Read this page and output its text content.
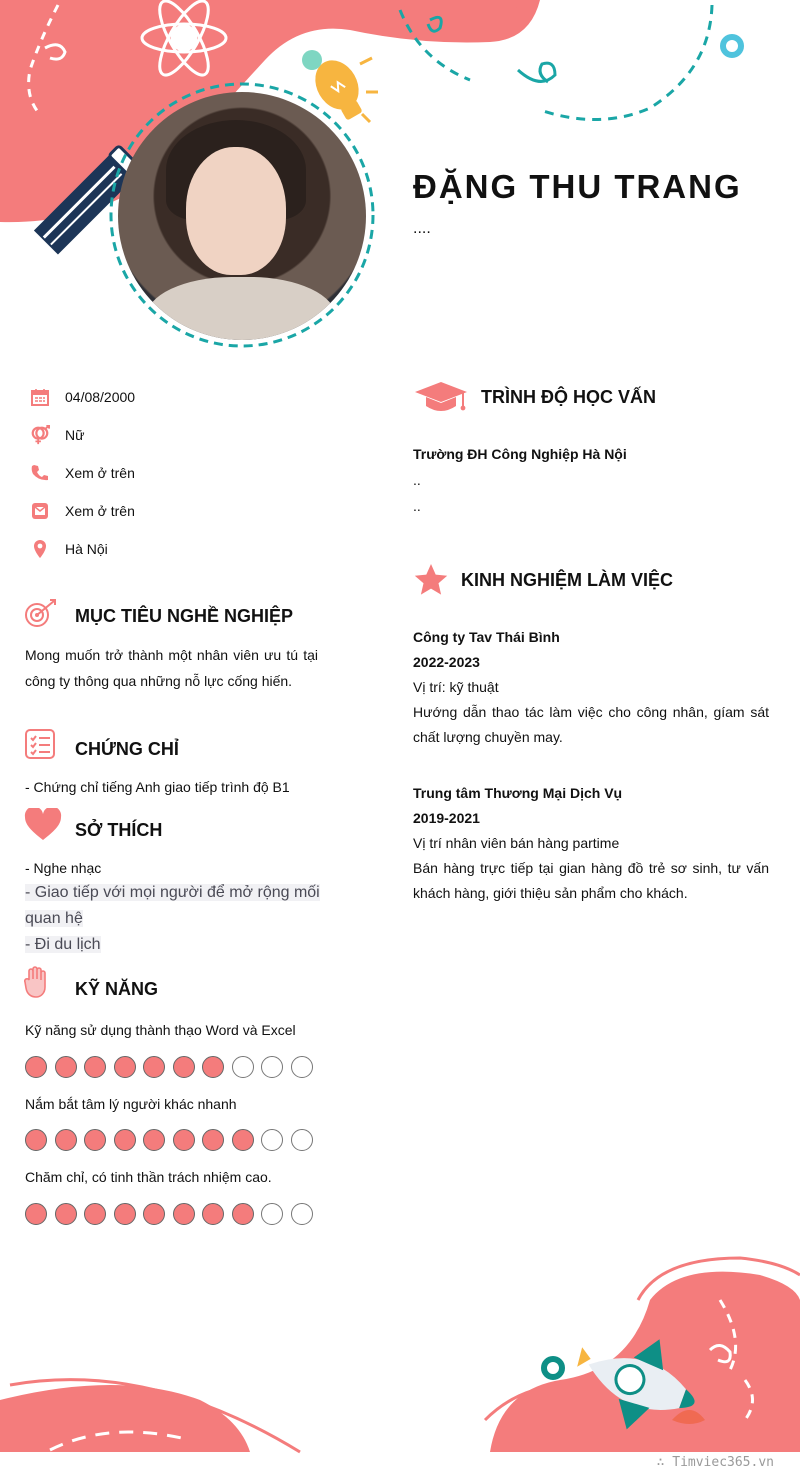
ĐẶNG THU TRANG
....
04/08/2000
Nữ
Xem ở trên
Xem ở trên
Hà Nội
MỤC TIÊU NGHỀ NGHIỆP
Mong muốn trở thành một nhân viên ưu tú tại công ty thông qua những nỗ lực cống hiến.
CHỨNG CHỈ
- Chứng chỉ tiếng Anh giao tiếp trình độ B1
SỞ THÍCH
- Nghe nhạc
- Giao tiếp với mọi người để mở rộng mối
quan hệ
- Đi du lịch
KỸ NĂNG
Kỹ năng sử dụng thành thạo Word và Excel
Nắm bắt tâm lý người khác nhanh
Chăm chỉ, có tinh thần trách nhiệm cao.
TRÌNH ĐỘ HỌC VẤN
Trường ĐH Công Nghiệp Hà Nội
..
..
KINH NGHIỆM LÀM VIỆC
Công ty Tav Thái Bình
2022-2023
Vị trí: kỹ thuật
Hướng dẫn thao tác làm việc cho công nhân, gíam sát chất lượng chuyền may.
Trung tâm Thương Mại Dịch Vụ
2019-2021
Vị trí nhân viên bán hàng partime
Bán hàng trực tiếp tại gian hàng đồ trẻ sơ sinh, tư vấn khách hàng, giới thiệu sản phẩm cho khách.
∴ Timviec365.vn
